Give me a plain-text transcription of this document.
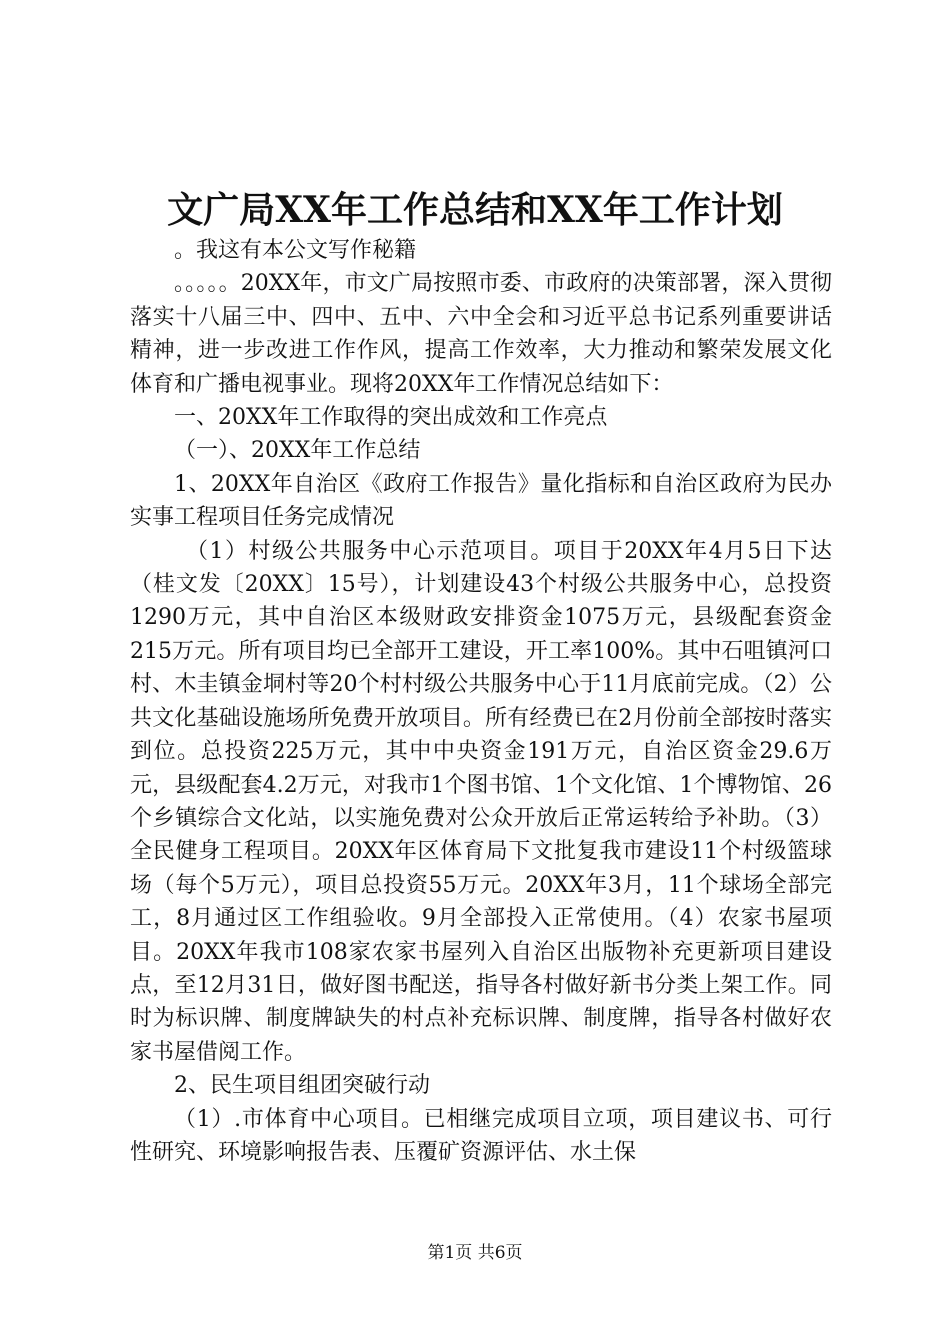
文广局XX年工作总结和XX年工作计划

。我这有本公文写作秘籍

。。。。。20XX年，市文广局按照市委、市政府的决策部署，深入贯彻落实十八届三中、四中、五中、六中全会和习近平总书记系列重要讲话精神，进一步改进工作作风，提高工作效率，大力推动和繁荣发展文化体育和广播电视事业。现将20XX年工作情况总结如下：

一、20XX年工作取得的突出成效和工作亮点

（一）、20XX年工作总结

1、20XX年自治区《政府工作报告》量化指标和自治区政府为民办实事工程项目任务完成情况

（1）村级公共服务中心示范项目。项目于20XX年4月5日下达（桂文发〔20XX〕15号），计划建设43个村级公共服务中心，总投资1290万元，其中自治区本级财政安排资金1075万元，县级配套资金215万元。所有项目均已全部开工建设，开工率100%。其中石咀镇河口村、木圭镇金垌村等20个村村级公共服务中心于11月底前完成。（2）公共文化基础设施场所免费开放项目。所有经费已在2月份前全部按时落实到位。总投资225万元，其中中央资金191万元，自治区资金29.6万元，县级配套4.2万元，对我市1个图书馆、1个文化馆、1个博物馆、26个乡镇综合文化站，以实施免费对公众开放后正常运转给予补助。（3）全民健身工程项目。20XX年区体育局下文批复我市建设11个村级篮球场（每个5万元），项目总投资55万元。20XX年3月，11个球场全部完工，8月通过区工作组验收。9月全部投入正常使用。（4）农家书屋项目。20XX年我市108家农家书屋列入自治区出版物补充更新项目建设点，至12月31日，做好图书配送，指导各村做好新书分类上架工作。同时为标识牌、制度牌缺失的村点补充标识牌、制度牌，指导各村做好农家书屋借阅工作。

2、民生项目组团突破行动

（1）.市体育中心项目。已相继完成项目立项，项目建议书、可行性研究、环境影响报告表、压覆矿资源评估、水土保

第1页 共6页
